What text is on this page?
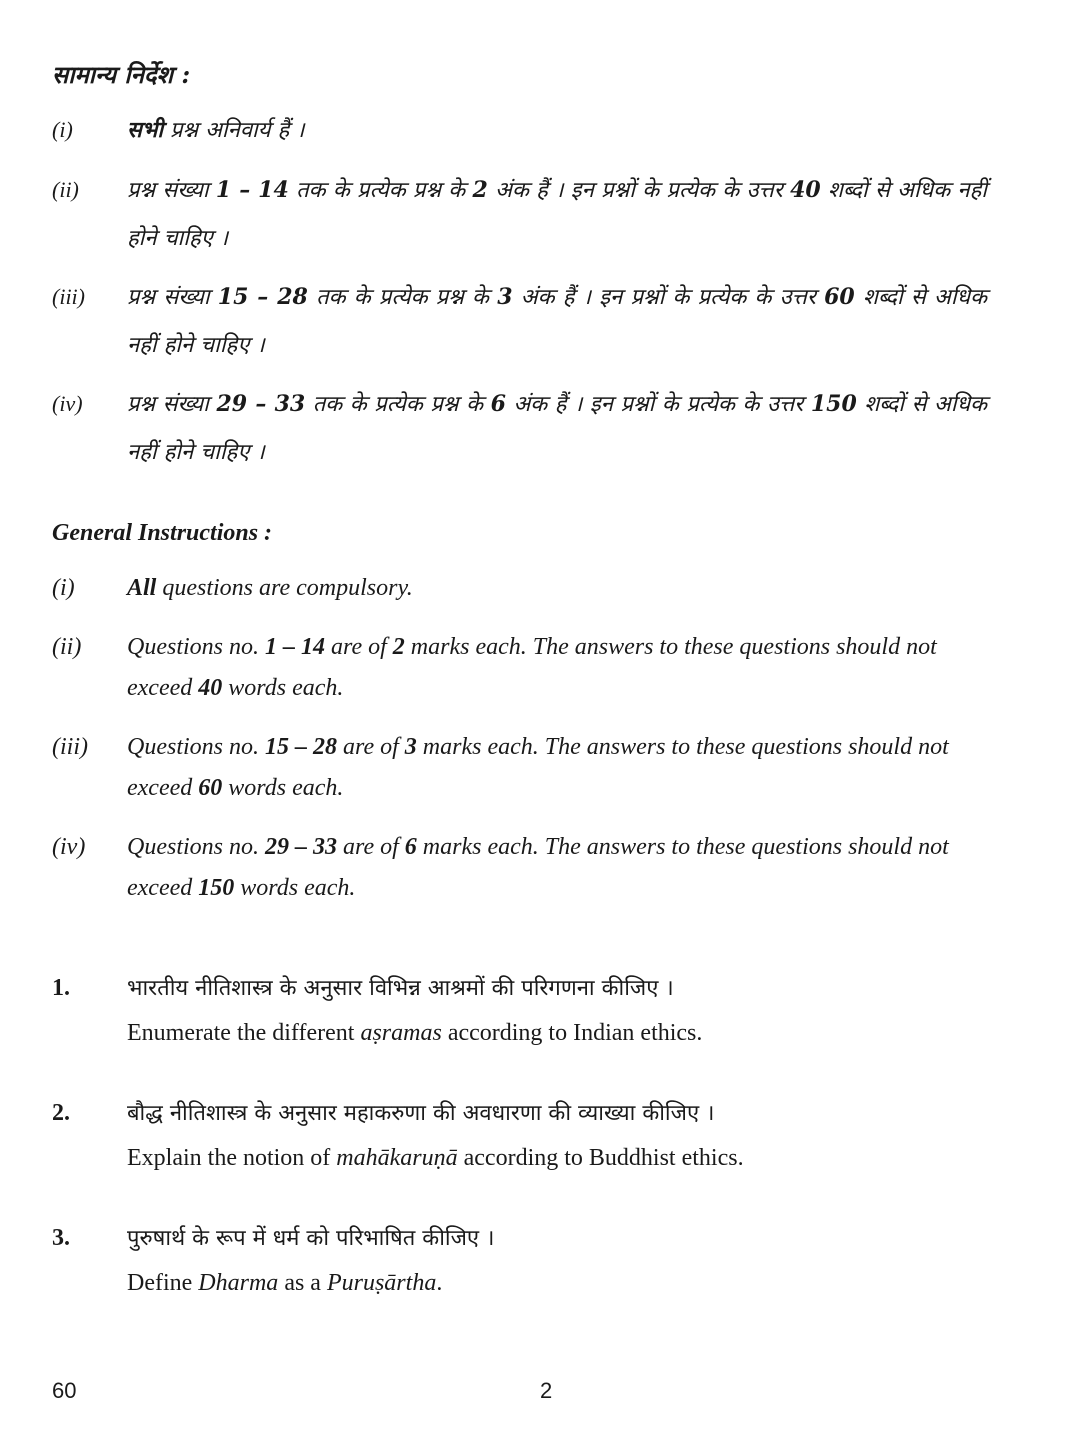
सामान्य निर्देश :
(i) सभी प्रश्न अनिवार्य हैं ।
(ii) प्रश्न संख्या 1 – 14 तक के प्रत्येक प्रश्न के 2 अंक हैं । इन प्रश्नों के प्रत्येक के उत्तर 40 शब्दों से अधिक नहीं होने चाहिए ।
(iii) प्रश्न संख्या 15 – 28 तक के प्रत्येक प्रश्न के 3 अंक हैं । इन प्रश्नों के प्रत्येक के उत्तर 60 शब्दों से अधिक नहीं होने चाहिए ।
(iv) प्रश्न संख्या 29 – 33 तक के प्रत्येक प्रश्न के 6 अंक हैं । इन प्रश्नों के प्रत्येक के उत्तर 150 शब्दों से अधिक नहीं होने चाहिए ।
General Instructions :
(i) All questions are compulsory.
(ii) Questions no. 1 – 14 are of 2 marks each. The answers to these questions should not exceed 40 words each.
(iii) Questions no. 15 – 28 are of 3 marks each. The answers to these questions should not exceed 60 words each.
(iv) Questions no. 29 – 33 are of 6 marks each. The answers to these questions should not exceed 150 words each.
1.	भारतीय नीतिशास्त्र के अनुसार विभिन्न आश्रमों की परिगणना कीजिए ।
Enumerate the different aṣramas according to Indian ethics.
2.	बौद्ध नीतिशास्त्र के अनुसार महाकरुणा की अवधारणा की व्याख्या कीजिए ।
Explain the notion of mahākaruṇā according to Buddhist ethics.
3.	पुरुषार्थ के रूप में धर्म को परिभाषित कीजिए ।
Define Dharma as a Puruṣārtha.
60	2
